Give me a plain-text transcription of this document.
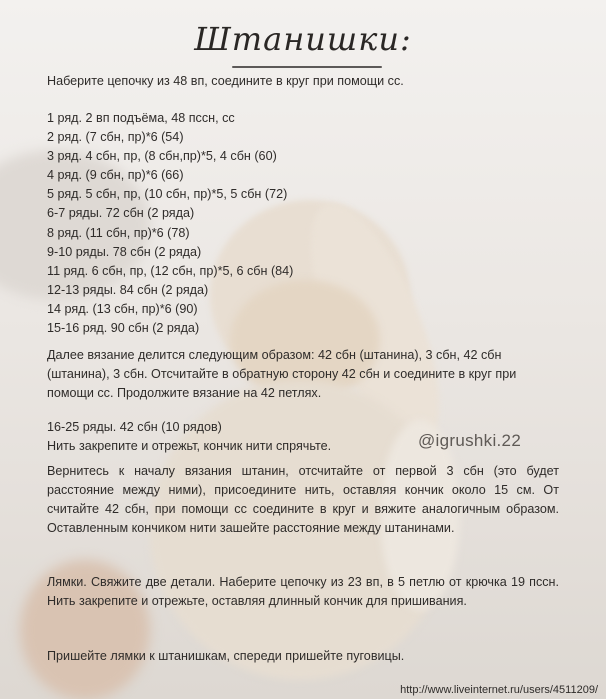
Штанишки:
Наберите цепочку из 48 вп, соедините в круг при помощи сс.
1 ряд. 2 вп подъёма, 48 пссн, сс
2 ряд. (7 сбн, пр)*6 (54)
3 ряд. 4 сбн, пр, (8 сбн,пр)*5, 4 сбн (60)
4 ряд. (9 сбн, пр)*6 (66)
5 ряд. 5 сбн, пр, (10 сбн, пр)*5, 5 сбн (72)
6-7 ряды. 72 сбн (2 ряда)
8 ряд. (11 сбн, пр)*6 (78)
9-10 ряды. 78 сбн (2 ряда)
11 ряд. 6 сбн, пр, (12 сбн, пр)*5, 6 сбн (84)
12-13 ряды. 84 сбн (2 ряда)
14 ряд. (13 сбн, пр)*6 (90)
15-16 ряд. 90 сбн (2 ряда)
Далее вязание делится следующим образом: 42 сбн (штанина), 3 сбн, 42 сбн (штанина), 3 сбн. Отсчитайте в обратную сторону 42 сбн и соедините в круг при помощи сс. Продолжите вязание на 42 петлях.
16-25 ряды. 42 сбн (10 рядов)
Нить закрепите и отрежьт, кончик нити спрячьте.	@igrushki.22
Вернитесь к началу вязания штанин, отсчитайте от первой 3 сбн (это будет расстояние между ними), присоедините нить, оставляя кончик около 15 см. От считайте 42 сбн, при помощи сс соедините в круг и вяжите аналогичным образом. Оставленным кончиком нити зашейте расстояние между штанинами.
Лямки. Свяжите две детали. Наберите цепочку из 23 вп, в 5 петлю от крючка 19 пссн. Нить закрепите и отрежьте, оставляя длинный кончик для пришивания.
Пришейте лямки к штанишкам, спереди пришейте пуговицы.
http://www.liveinternet.ru/users/4511209/
